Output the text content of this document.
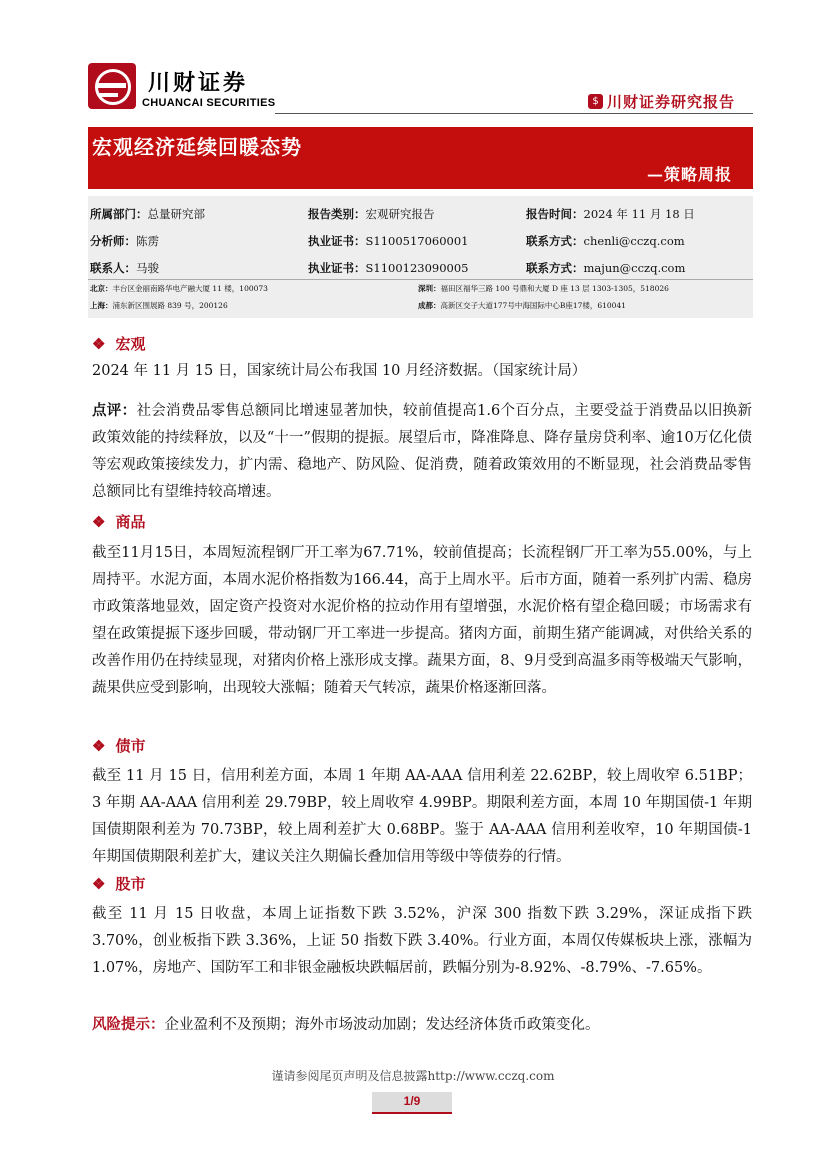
川财证券
CHUANCAI SECURITIES	$ 川财证券研究报告
宏观经济延续回暖态势
—策略周报
所属部门：总量研究部	报告类别：宏观研究报告	报告时间：2024 年 11 月 18 日
分析师：陈雳	执业证书：S1100517060001	联系方式：chenli@cczq.com
联系人：马骏	执业证书：S1100123090005	联系方式：majun@cczq.com
北京：丰台区金丽南路华电产融大厦 11 楼，100073	深圳：福田区福华三路 100 号鼎和大厦 D 座 13 层 1303-1305，518026
上海：浦东新区围展路 839 号，200126	成都：高新区交子大道177号中海国际中心B座17楼，610041
❖ 宏观
2024 年 11 月 15 日，国家统计局公布我国 10 月经济数据。（国家统计局）
点评：社会消费品零售总额同比增速显著加快，较前值提高1.6个百分点，主要受益于消费品以旧换新政策效能的持续释放，以及“十一”假期的提振。展望后市，降准降息、降存量房贷利率、逾10万亿化债等宏观政策接续发力，扩内需、稳地产、防风险、促消费，随着政策效用的不断显现，社会消费品零售总额同比有望维持较高增速。
❖ 商品
截至11月15日，本周短流程钢厂开工率为67.71%，较前值提高；长流程钢厂开工率为55.00%，与上周持平。水泥方面，本周水泥价格指数为166.44，高于上周水平。后市方面，随着一系列扩内需、稳房市政策落地显效，固定资产投资对水泥价格的拉动作用有望增强，水泥价格有望企稳回暖；市场需求有望在政策提振下逐步回暖，带动钢厂开工率进一步提高。猪肉方面，前期生猪产能调减，对供给关系的改善作用仍在持续显现，对猪肉价格上涨形成支撑。蔬果方面，8、9月受到高温多雨等极端天气影响，蔬果供应受到影响，出现较大涨幅；随着天气转凉，蔬果价格逐渐回落。
❖ 债市
截至 11 月 15 日，信用利差方面，本周 1 年期 AA-AAA 信用利差 22.62BP，较上周收窄 6.51BP；3 年期 AA-AAA 信用利差 29.79BP，较上周收窄 4.99BP。期限利差方面，本周 10 年期国债-1 年期国债期限利差为 70.73BP，较上周利差扩大 0.68BP。鉴于 AA-AAA 信用利差收窄，10 年期国债-1 年期国债期限利差扩大，建议关注久期偏长叠加信用等级中等债券的行情。
❖ 股市
截至 11 月 15 日收盘，本周上证指数下跌 3.52%，沪深 300 指数下跌 3.29%，深证成指下跌 3.70%，创业板指下跌 3.36%，上证 50 指数下跌 3.40%。行业方面，本周仅传媒板块上涨，涨幅为 1.07%，房地产、国防军工和非银金融板块跌幅居前，跌幅分别为-8.92%、-8.79%、-7.65%。
风险提示：企业盈利不及预期；海外市场波动加剧；发达经济体货币政策变化。
谨请参阅尾页声明及信息披露http://www.cczq.com
1/9
